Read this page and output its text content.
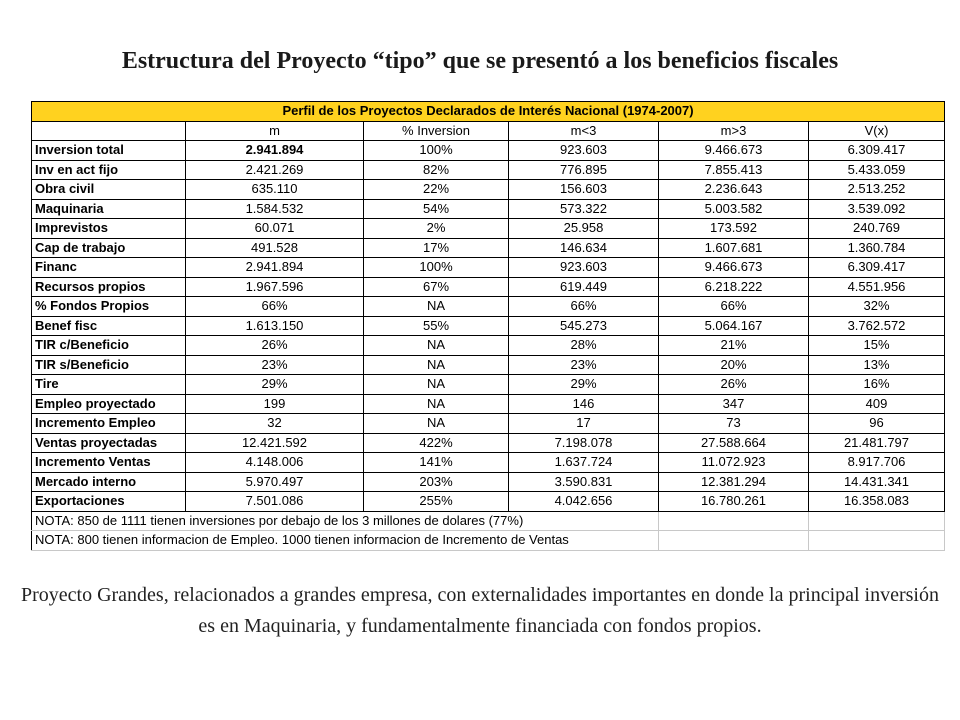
Estructura del Proyecto “tipo” que se presentó a los beneficios fiscales
Perfil de los Proyectos Declarados de Interés Nacional (1974-2007)					
	m	% Inversion	m<3	m>3	V(x)
Inversion total	2.941.894	100%	923.603	9.466.673	6.309.417
Inv en act fijo	2.421.269	82%	776.895	7.855.413	5.433.059
Obra civil	635.110	22%	156.603	2.236.643	2.513.252
Maquinaria	1.584.532	54%	573.322	5.003.582	3.539.092
Imprevistos	60.071	2%	25.958	173.592	240.769
Cap de trabajo	491.528	17%	146.634	1.607.681	1.360.784
Financ	2.941.894	100%	923.603	9.466.673	6.309.417
Recursos propios	1.967.596	67%	619.449	6.218.222	4.551.956
% Fondos Propios	66%	NA	66%	66%	32%
Benef fisc	1.613.150	55%	545.273	5.064.167	3.762.572
TIR c/Beneficio	26%	NA	28%	21%	15%
TIR s/Beneficio	23%	NA	23%	20%	13%
Tire	29%	NA	29%	26%	16%
Empleo proyectado	199	NA	146	347	409
Incremento Empleo	32	NA	17	73	96
Ventas proyectadas	12.421.592	422%	7.198.078	27.588.664	21.481.797
Incremento Ventas	4.148.006	141%	1.637.724	11.072.923	8.917.706
Mercado interno	5.970.497	203%	3.590.831	12.381.294	14.431.341
Exportaciones	7.501.086	255%	4.042.656	16.780.261	16.358.083
NOTA: 850 de 1111 tienen inversiones por debajo de los 3 millones de dolares (77%)					
NOTA: 800 tienen informacion de Empleo. 1000 tienen informacion de Incremento de Ventas					
Proyecto Grandes, relacionados a grandes empresa, con externalidades importantes en donde la principal inversión es en Maquinaria, y fundamentalmente financiada con fondos propios.
